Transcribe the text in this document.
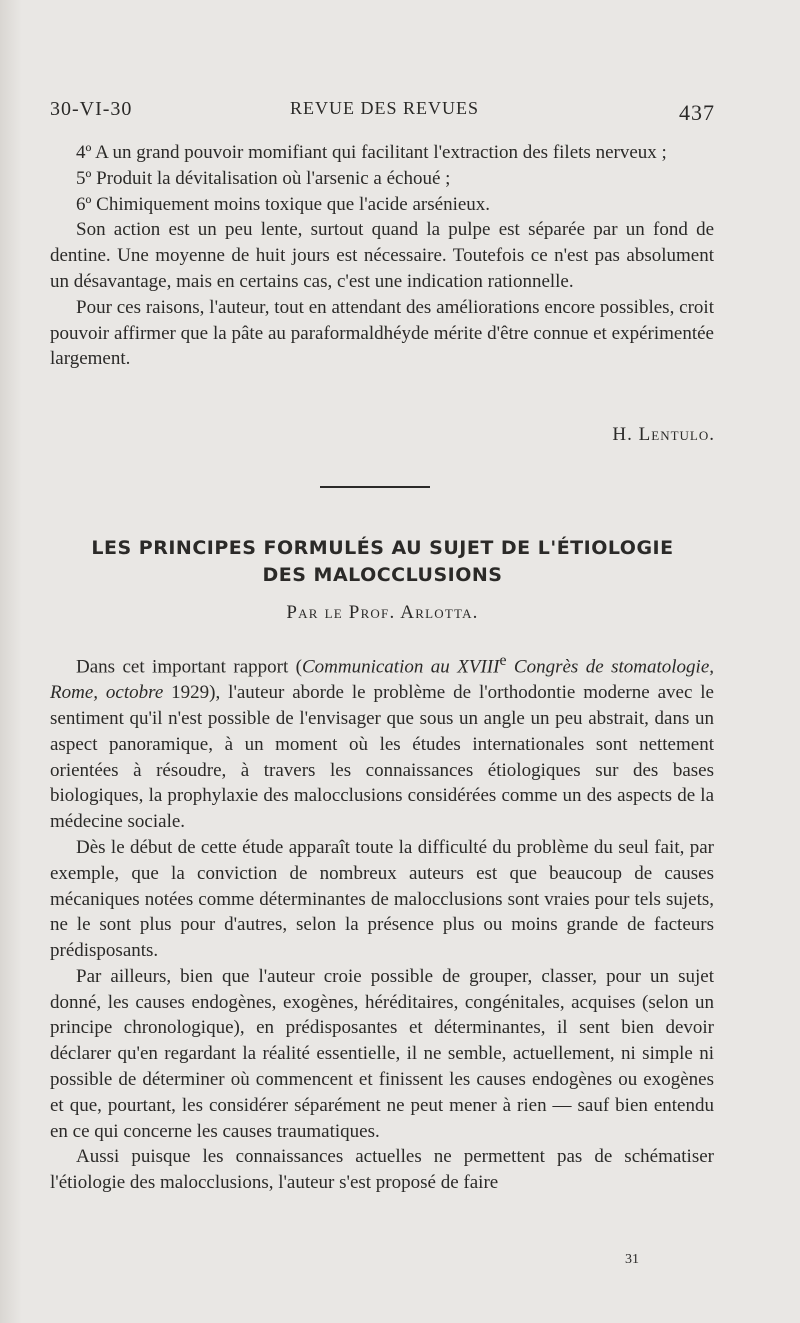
30-VI-30	REVUE DES REVUES	437

4º A un grand pouvoir momifiant qui facilitant l'extraction des filets nerveux ;

5º Produit la dévitalisation où l'arsenic a échoué ;

6º Chimiquement moins toxique que l'acide arsénieux.

Son action est un peu lente, surtout quand la pulpe est séparée par un fond de dentine. Une moyenne de huit jours est nécessaire. Toutefois ce n'est pas absolument un désavantage, mais en certains cas, c'est une indication rationnelle.

Pour ces raisons, l'auteur, tout en attendant des améliorations encore possibles, croit pouvoir affirmer que la pâte au paraformaldhéyde mérite d'être connue et expérimentée largement.

H. Lentulo.
LES PRINCIPES FORMULÉS AU SUJET DE L'ÉTIOLOGIE
DES MALOCCLUSIONS
Par le Prof. Arlotta.

Dans cet important rapport (Communication au XVIIIe Congrès de stomatologie, Rome, octobre 1929), l'auteur aborde le problème de l'orthodontie moderne avec le sentiment qu'il n'est possible de l'envisager que sous un angle un peu abstrait, dans un aspect panoramique, à un moment où les études internationales sont nettement orientées à résoudre, à travers les connaissances étiologiques sur des bases biologiques, la prophylaxie des malocclusions considérées comme un des aspects de la médecine sociale.

Dès le début de cette étude apparaît toute la difficulté du problème du seul fait, par exemple, que la conviction de nombreux auteurs est que beaucoup de causes mécaniques notées comme déterminantes de malocclusions sont vraies pour tels sujets, ne le sont plus pour d'autres, selon la présence plus ou moins grande de facteurs prédisposants.

Par ailleurs, bien que l'auteur croie possible de grouper, classer, pour un sujet donné, les causes endogènes, exogènes, héréditaires, congénitales, acquises (selon un principe chronologique), en prédisposantes et déterminantes, il sent bien devoir déclarer qu'en regardant la réalité essentielle, il ne semble, actuellement, ni simple ni possible de déterminer où commencent et finissent les causes endogènes ou exogènes et que, pourtant, les considérer séparément ne peut mener à rien — sauf bien entendu en ce qui concerne les causes traumatiques.

Aussi puisque les connaissances actuelles ne permettent pas de schématiser l'étiologie des malocclusions, l'auteur s'est proposé de faire

31
